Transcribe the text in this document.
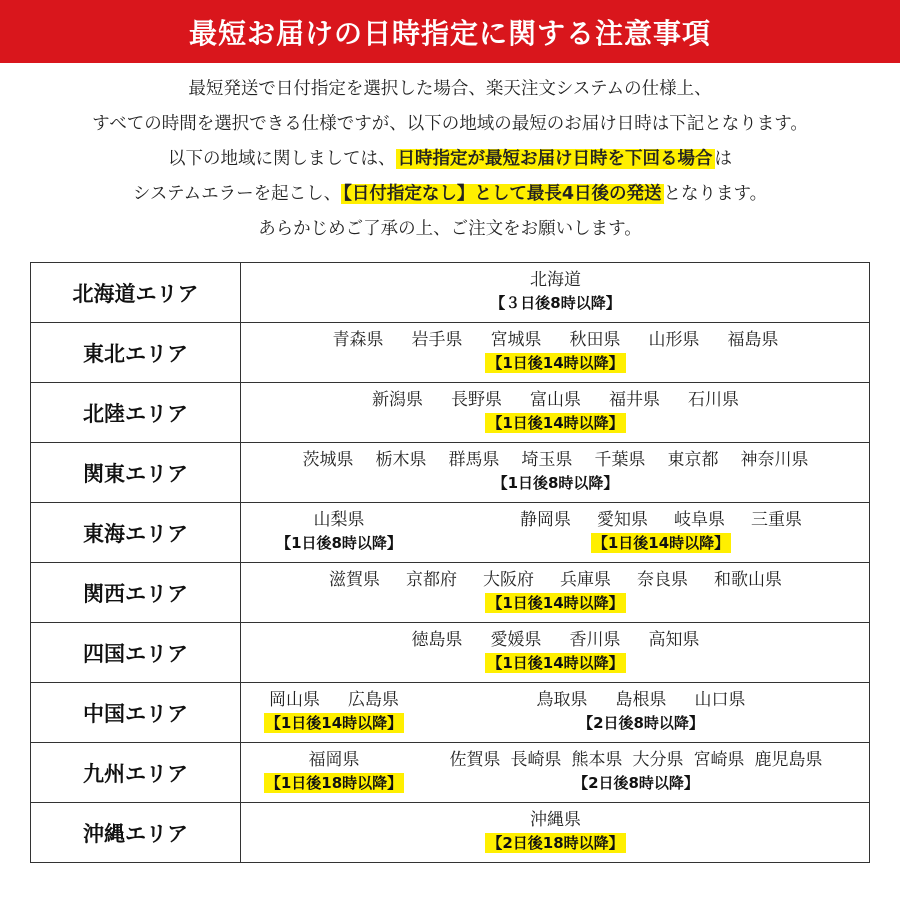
最短お届けの日時指定に関する注意事項
最短発送で日付指定を選択した場合、楽天注文システムの仕様上、
すべての時間を選択できる仕様ですが、以下の地域の最短のお届け日時は下記となります。
以下の地域に関しましては、 日時指定が最短お届け日時を下回る場合 は
システムエラーを起こし、 【日付指定なし】として最長4日後の発送 となります。
あらかじめご了承の上、ご注文をお願いします。
北海道エリア	北海道
【３日後8時以降】

東北エリア	青森県 岩手県 宮城県 秋田県 山形県 福島県
【1日後14時以降】

北陸エリア	新潟県 長野県 富山県 福井県 石川県
【1日後14時以降】

関東エリア	茨城県 栃木県 群馬県 埼玉県 千葉県 東京都 神奈川県
【1日後8時以降】

東海エリア	山梨県
【1日後8時以降】
静岡県 愛知県 岐阜県 三重県
【1日後14時以降】

関西エリア	滋賀県 京都府 大阪府 兵庫県 奈良県 和歌山県
【1日後14時以降】

四国エリア	徳島県 愛媛県 香川県 高知県
【1日後14時以降】

中国エリア	岡山県 広島県
【1日後14時以降】
鳥取県 島根県 山口県
【2日後8時以降】

九州エリア	福岡県
【1日後18時以降】
佐賀県 長崎県 熊本県 大分県 宮崎県 鹿児島県
【2日後8時以降】

沖縄エリア	沖縄県
【2日後18時以降】
